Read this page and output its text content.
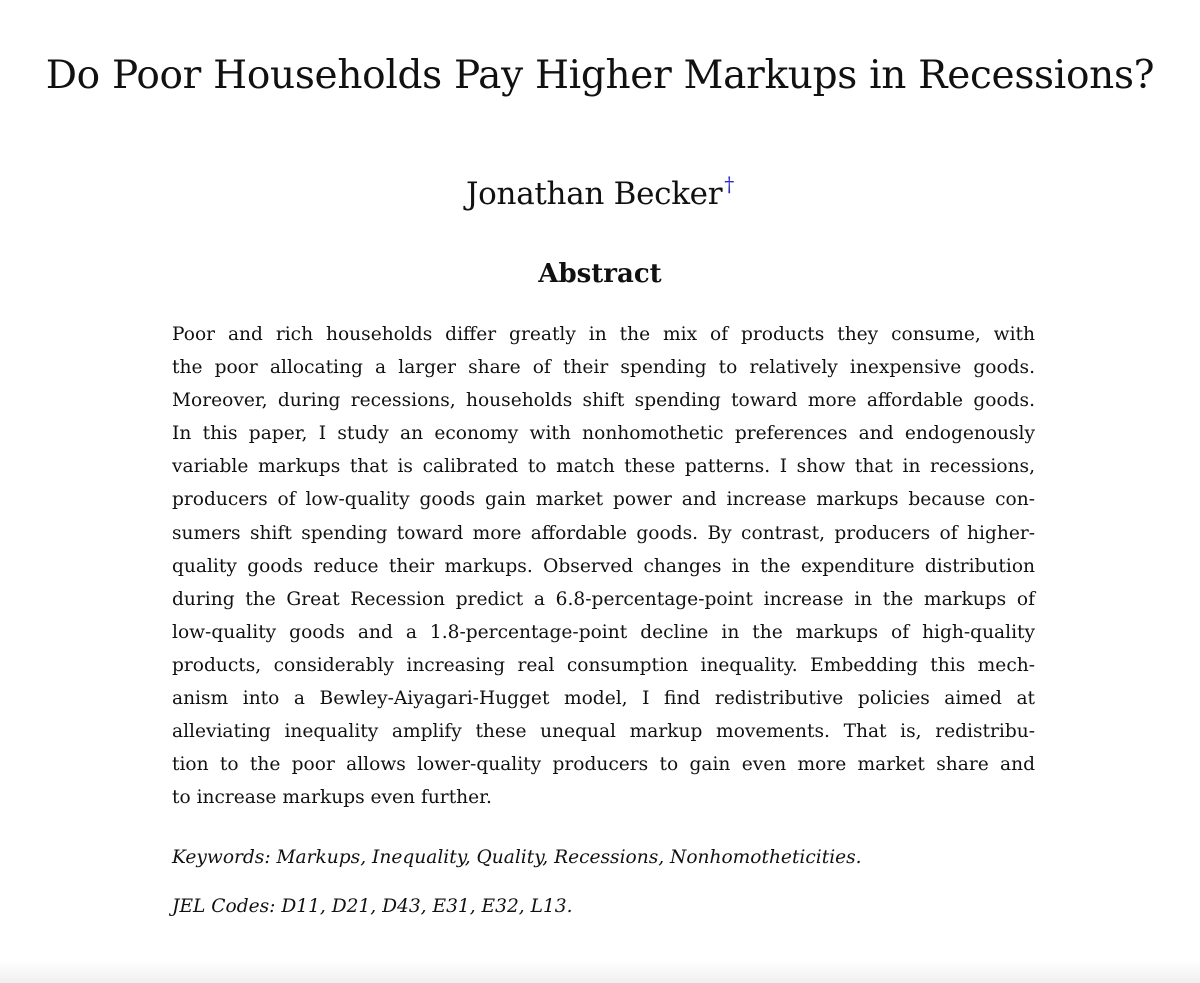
Do Poor Households Pay Higher Markups in Recessions?
Jonathan Becker †
Abstract

Poor and rich households differ greatly in the mix of products they consume, with
the poor allocating a larger share of their spending to relatively inexpensive goods.
Moreover, during recessions, households shift spending toward more affordable goods.
In this paper, I study an economy with nonhomothetic preferences and endogenously
variable markups that is calibrated to match these patterns. I show that in recessions,
producers of low-quality goods gain market power and increase markups because con-
sumers shift spending toward more affordable goods. By contrast, producers of higher-
quality goods reduce their markups. Observed changes in the expenditure distribution
during the Great Recession predict a 6.8-percentage-point increase in the markups of
low-quality goods and a 1.8-percentage-point decline in the markups of high-quality
products, considerably increasing real consumption inequality. Embedding this mech-
anism into a Bewley-Aiyagari-Hugget model, I find redistributive policies aimed at
alleviating inequality amplify these unequal markup movements. That is, redistribu-
tion to the poor allows lower-quality producers to gain even more market share and
to increase markups even further.

Keywords: Markups, Inequality, Quality, Recessions, Nonhomotheticities.

JEL Codes: D11, D21, D43, E31, E32, L13.
